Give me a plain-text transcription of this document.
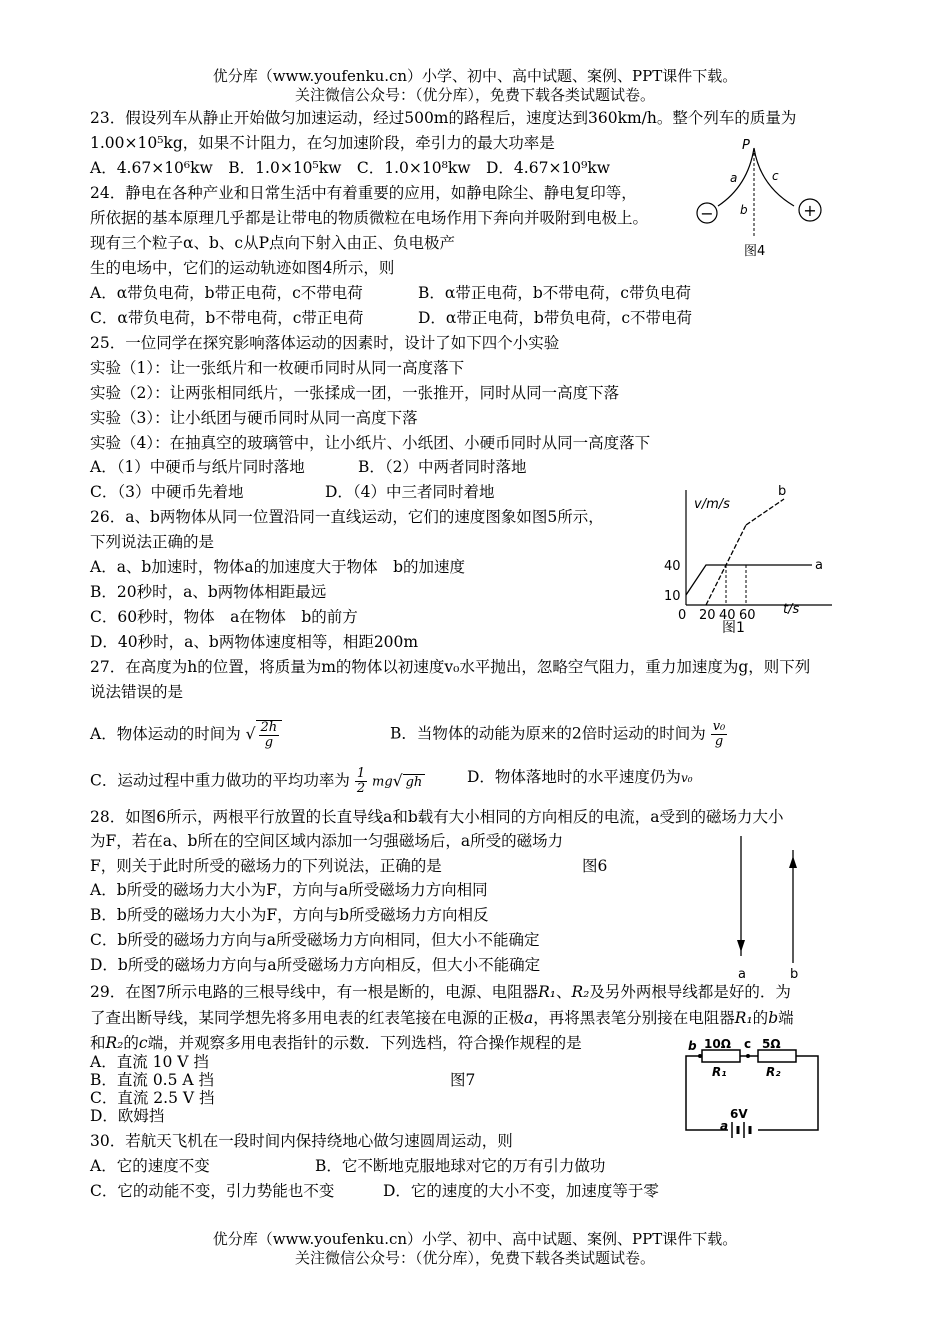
优分库（www.youfenku.cn）小学、初中、高中试题、案例、PPT课件下载。
关注微信公众号：（优分库），免费下载各类试题试卷。
23．假设列车从静止开始做匀加速运动，经过500m的路程后，速度达到360km/h。整个列车的质量为
1.00×10⁵kg，如果不计阻力，在匀加速阶段，牵引力的最大功率是
A．4.67×10⁶kw　B．1.0×10⁵kw　C．1.0×10⁸kw　D．4.67×10⁹kw
24．静电在各种产业和日常生活中有着重要的应用，如静电除尘、静电复印等，
所依据的基本原理几乎都是让带电的物质微粒在电场作用下奔向并吸附到电极上。
现有三个粒子α、b、c从P点向下射入由正、负电极产
生的电场中，它们的运动轨迹如图4所示，则
A．α带负电荷，b带正电荷，c不带电荷	B．α带正电荷，b不带电荷，c带负电荷
C．α带负电荷，b不带电荷，c带正电荷	D．α带正电荷，b带负电荷，c不带电荷
P
a
b
c
−	+
图4
25．一位同学在探究影响落体运动的因素时，设计了如下四个小实验
实验（1）：让一张纸片和一枚硬币同时从同一高度落下
实验（2）：让两张相同纸片，一张揉成一团，一张推开，同时从同一高度下落
实验（3）：让小纸团与硬币同时从同一高度下落
实验（4）：在抽真空的玻璃管中，让小纸片、小纸团、小硬币同时从同一高度落下
A．（1）中硬币与纸片同时落地	B．（2）中两者同时落地
C．（3）中硬币先着地	D．（4）中三者同时着地
26．a、b两物体从同一位置沿同一直线运动，它们的速度图象如图5所示，
下列说法正确的是
A．a、b加速时，物体a的加速度大于物体　b的加速度
B．20秒时，a、b两物体相距最远
C．60秒时，物体　a在物体　b的前方
D．40秒时，a、b两物体速度相等，相距200m
v/m/s
t/s
图1
0 20 40 60
10
40	a
b
27．在高度为h的位置，将质量为m的物体以初速度v₀水平抛出，忽略空气阻力，重力加速度为g，则下列
说法错误的是
A．物体运动的时间为 √ $\frac{2h}{g}$	B．当物体的动能为原来的2倍时运动的时间为 $\frac{\text{v₀}}{g}$
C．运动过程中重力做功的平均功率为 $\frac{1}{2} mg√$ gh	D．物体落地时的水平速度仍为v₀
28．如图6所示，两根平行放置的长直导线a和b载有大小相同的方向相反的电流，a受到的磁场力大小
为F，若在a、b所在的空间区域内添加一匀强磁场后，a所受的磁场力
F，则关于此时所受的磁场力的下列说法，正确的是	图6
A．b所受的磁场力大小为F，方向与a所受磁场力方向相同
B．b所受的磁场力大小为F，方向与b所受磁场力方向相反
C．b所受的磁场力方向与a所受磁场力方向相同，但大小不能确定
D．b所受的磁场力方向与a所受磁场力方向相反，但大小不能确定
a	b
29．在图7所示电路的三根导线中，有一根是断的，电源、电阻器R₁、R₂及另外两根导线都是好的．为
了查出断导线，某同学想先将多用电表的红表笔接在电源的正极a，再将黑表笔分别接在电阻器R₁的b端
和R₂的c端，并观察多用电表指针的示数．下列选档，符合操作规程的是
A．直流 10 V 挡
B．直流 0.5 A 挡	图7
C．直流 2.5 V 挡
D．欧姆挡
b 10Ω c 5Ω
R₁	R₂
6V
a
30．若航天飞机在一段时间内保持绕地心做匀速圆周运动，则
A．它的速度不变	B．它不断地克服地球对它的万有引力做功
C．它的动能不变，引力势能也不变	D．它的速度的大小不变，加速度等于零
优分库（www.youfenku.cn）小学、初中、高中试题、案例、PPT课件下载。
关注微信公众号：（优分库），免费下载各类试题试卷。
